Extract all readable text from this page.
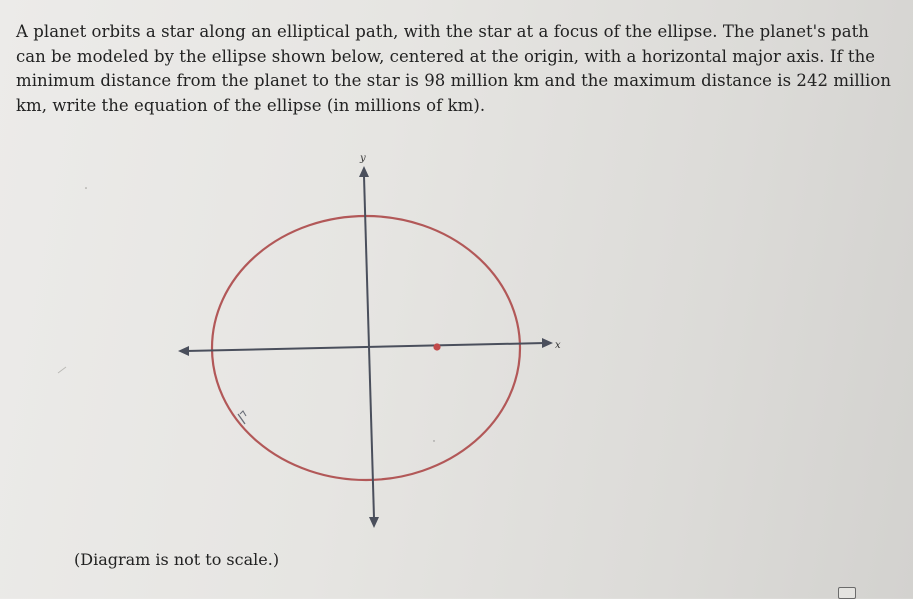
A planet orbits a star along an elliptical path, with the star at a focus of the ellipse. The planet's path can be modeled by the ellipse shown below, centered at the origin, with a horizontal major axis. If the minimum distance from the planet to the star is 98 million km and the maximum distance is 242 million km, write the equation of the ellipse (in millions of km).

y
x

(Diagram is not to scale.)
